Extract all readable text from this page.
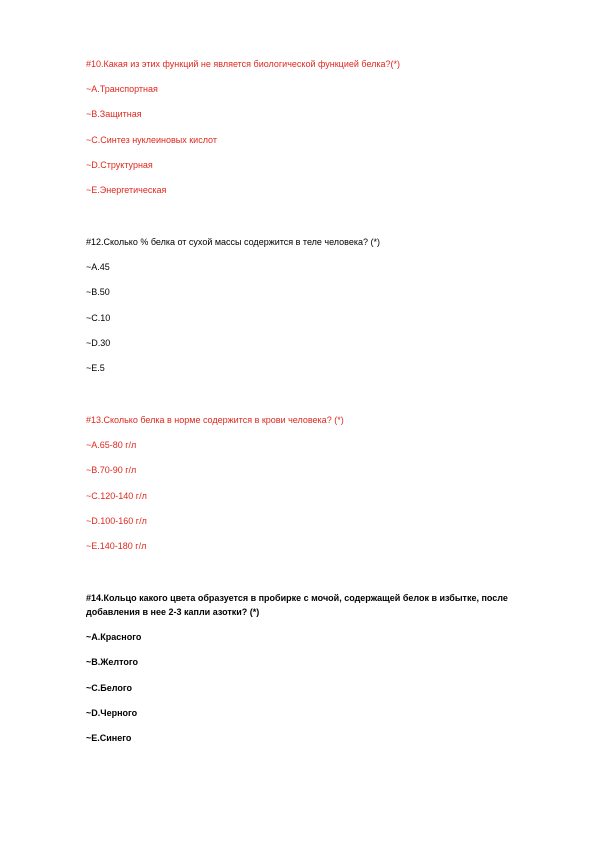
#10.Какая из этих функций не является биологической функцией белка?(*)

~A.Транспортная

~B.Защитная

~C.Синтез нуклеиновых кислот

~D.Структурная

~E.Энергетическая

#12.Сколько % белка от сухой массы содержится в теле человека? (*)

~A.45

~B.50

~C.10

~D.30

~E.5

#13.Сколько белка в норме содержится в крови человека? (*)

~A.65-80 г/л

~B.70-90 г/л

~C.120-140 г/л

~D.100-160 г/л

~E.140-180 г/л

#14.Кольцо какого цвета образуется в пробирке с мочой, содержащей белок в избытке, после добавления в нее 2-3 капли азотки? (*)

~A.Красного

~B.Желтого

~C.Белого

~D.Черного

~E.Синего
